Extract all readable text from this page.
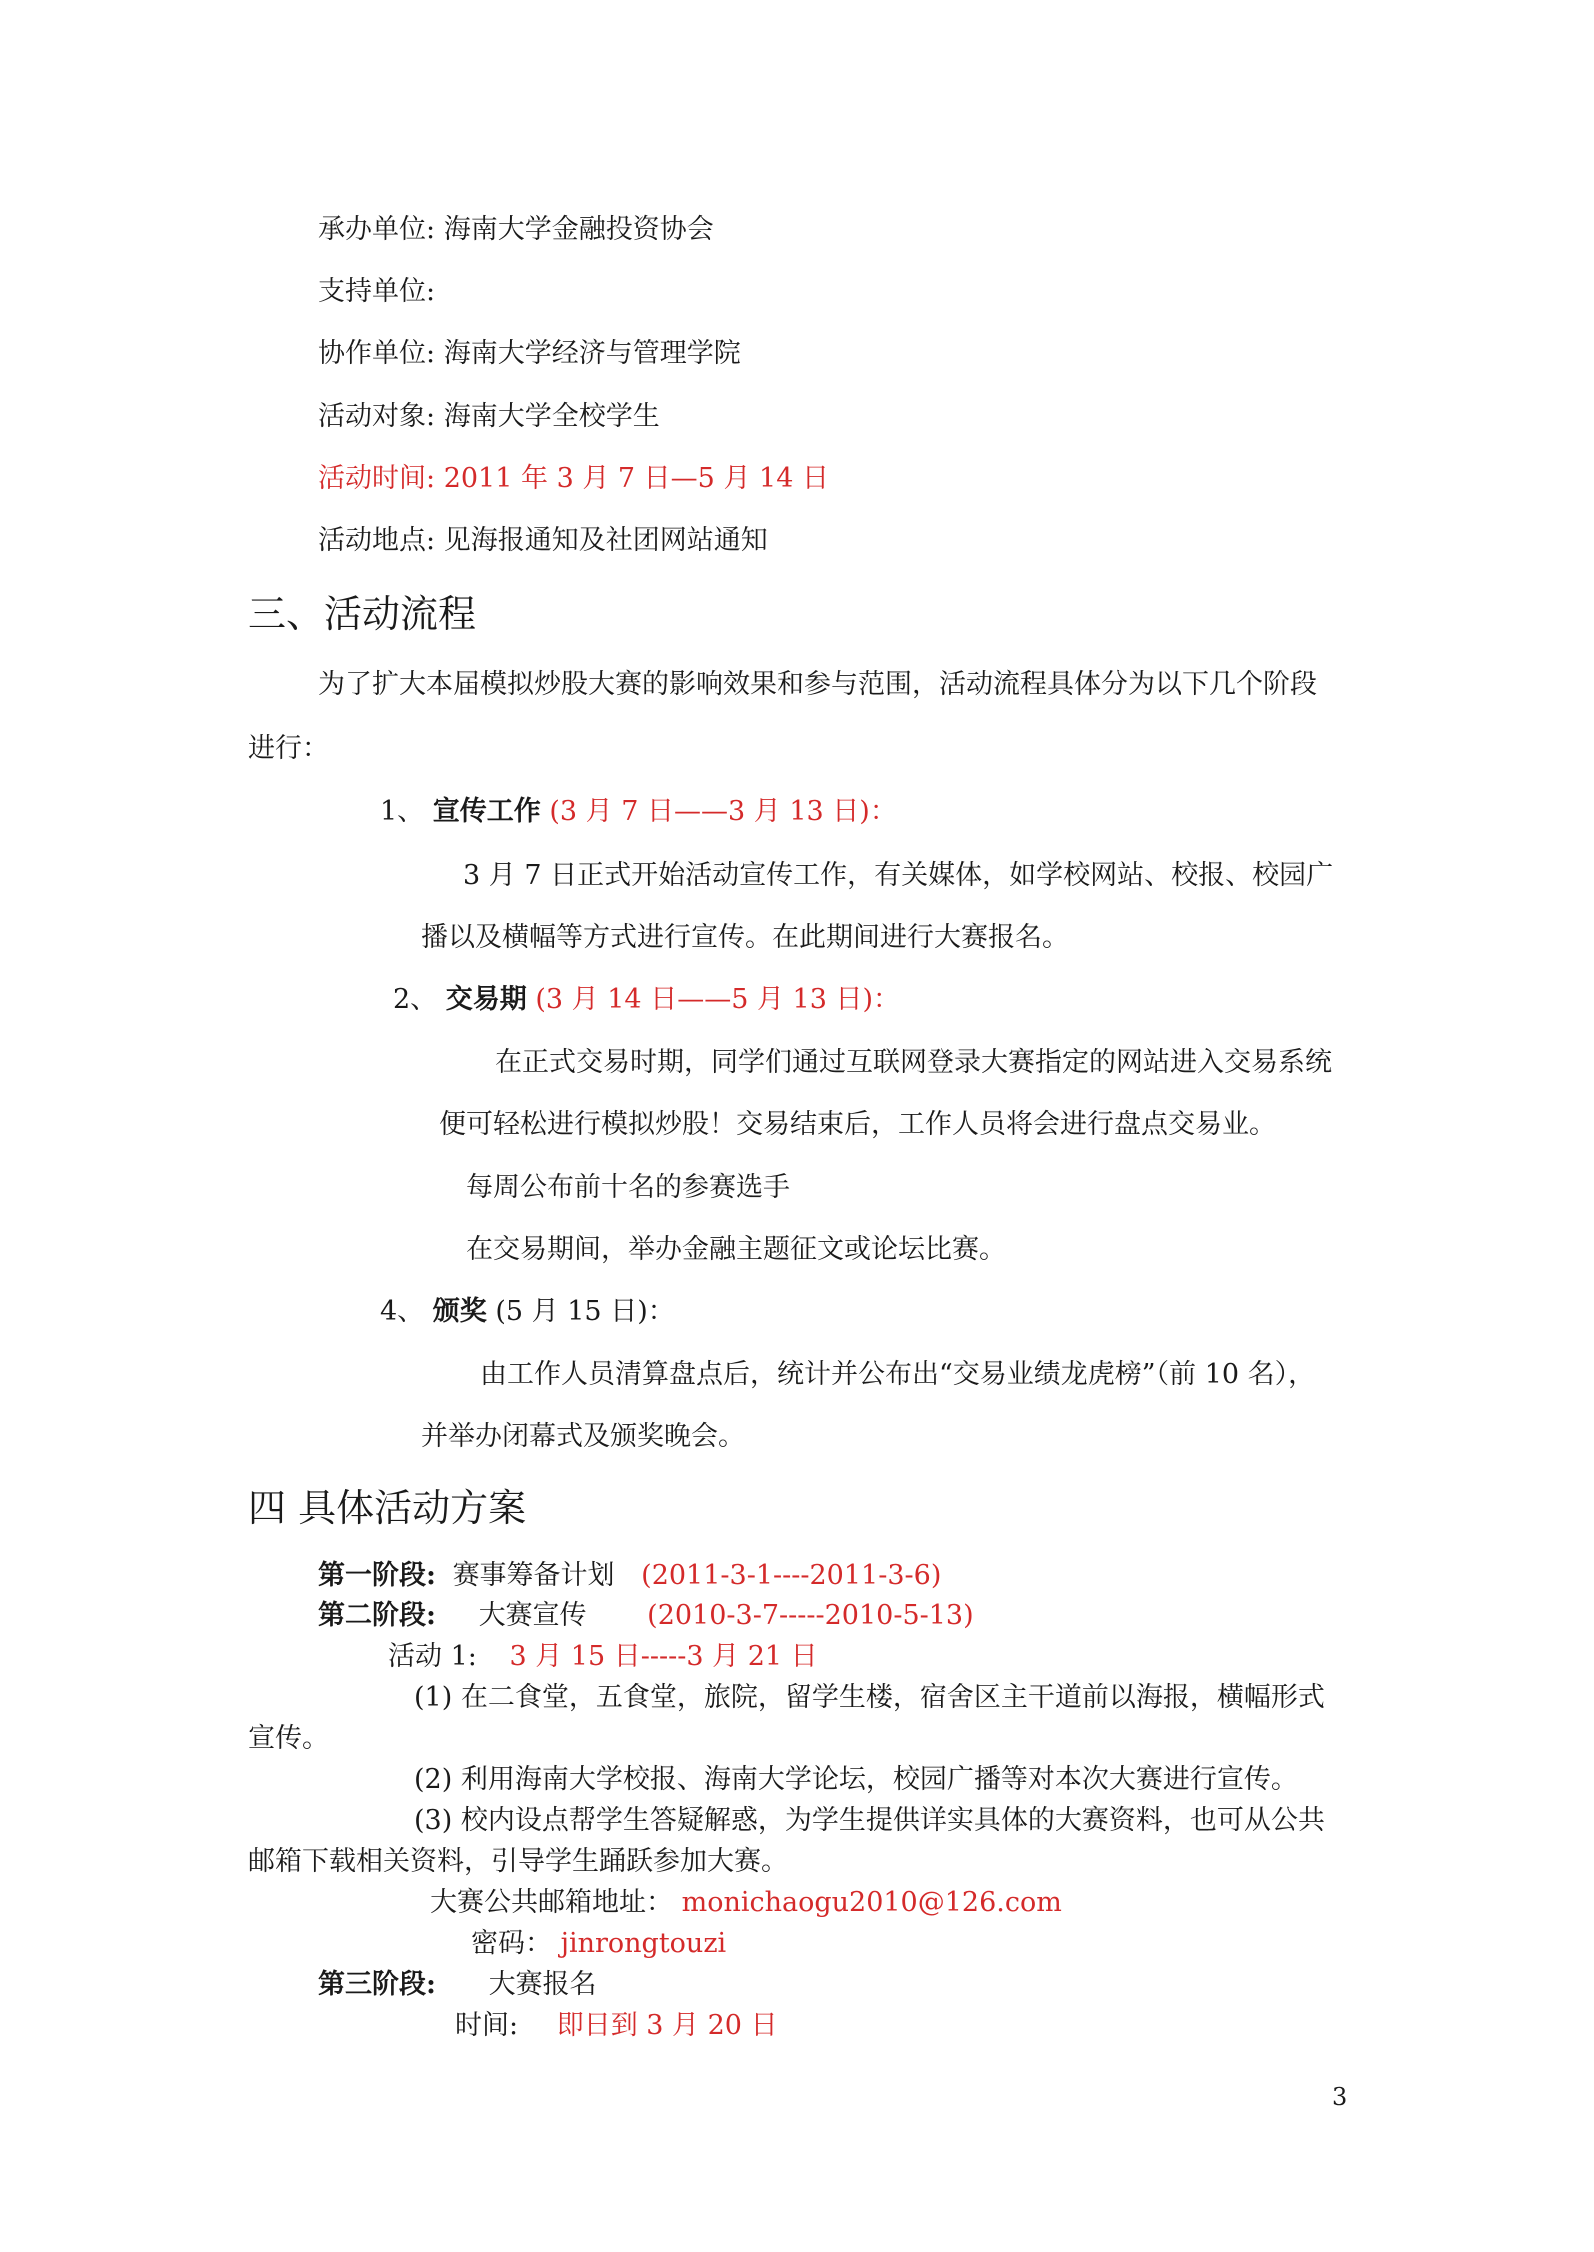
承办单位: 海南大学金融投资协会
支持单位:
协作单位: 海南大学经济与管理学院
活动对象: 海南大学全校学生
活动时间: 2011 年 3 月 7 日—5 月 14 日
活动地点: 见海报通知及社团网站通知
三、活动流程
为了扩大本届模拟炒股大赛的影响效果和参与范围，活动流程具体分为以下几个阶段
进行：
1、 宣传工作 (3 月 7 日——3 月 13 日)：
3 月 7 日正式开始活动宣传工作，有关媒体，如学校网站、校报、校园广
播以及横幅等方式进行宣传。在此期间进行大赛报名。
2、 交易期 (3 月 14 日——5 月 13 日)：
在正式交易时期，同学们通过互联网登录大赛指定的网站进入交易系统
便可轻松进行模拟炒股！交易结束后，工作人员将会进行盘点交易业。
每周公布前十名的参赛选手
在交易期间，举办金融主题征文或论坛比赛。
4、 颁奖 (5 月 15 日)：
由工作人员清算盘点后，统计并公布出“交易业绩龙虎榜”（前 10 名），
并举办闭幕式及颁奖晚会。
四 具体活动方案
第一阶段: 赛事筹备计划 (2011-3-1----2011-3-6)
第二阶段: 大赛宣传 (2010-3-7-----2010-5-13)
活动 1: 3 月 15 日-----3 月 21 日
(1) 在二食堂，五食堂，旅院，留学生楼，宿舍区主干道前以海报，横幅形式
宣传。
(2) 利用海南大学校报、海南大学论坛，校园广播等对本次大赛进行宣传。
(3) 校内设点帮学生答疑解惑，为学生提供详实具体的大赛资料，也可从公共
邮箱下载相关资料，引导学生踊跃参加大赛。
大赛公共邮箱地址： monichaogu2010@126.com
密码： jinrongtouzi
第三阶段: 大赛报名
时间: 即日到 3 月 20 日
3
